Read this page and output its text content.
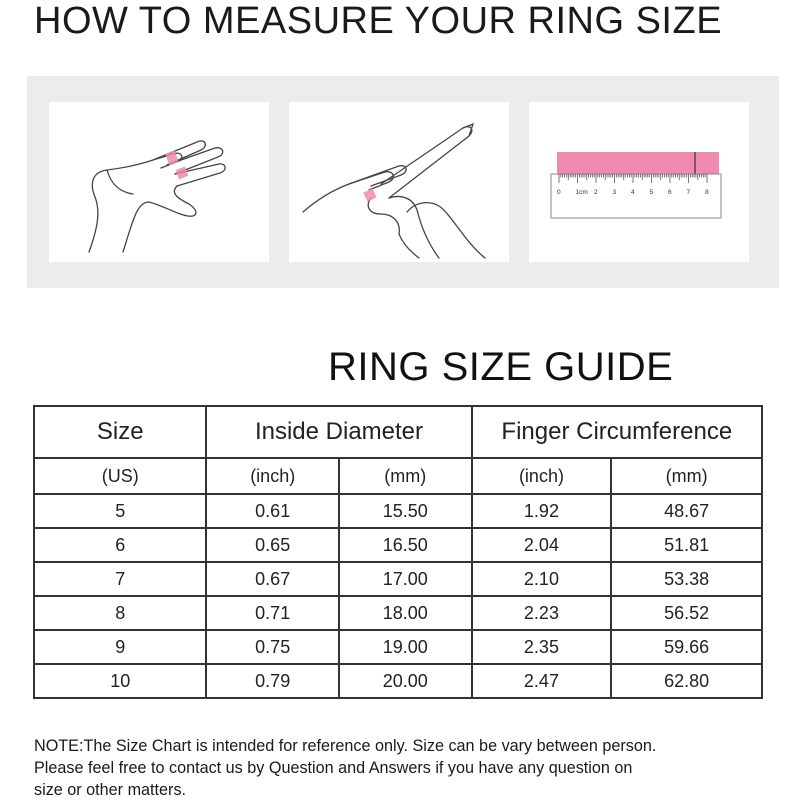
HOW TO MEASURE YOUR RING SIZE
0 1cm 2 3 4 5 6 7 8
RING SIZE GUIDE
Size	Inside Diameter		Finger Circumference	
(US)	(inch)	(mm)	(inch)	(mm)
5	0.61	15.50	1.92	48.67
6	0.65	16.50	2.04	51.81
7	0.67	17.00	2.10	53.38
8	0.71	18.00	2.23	56.52
9	0.75	19.00	2.35	59.66
10	0.79	20.00	2.47	62.80
NOTE:The Size Chart is intended for reference only. Size can be vary between person.
Please feel free to contact us by Question and Answers if you have any question on
size or other matters.
